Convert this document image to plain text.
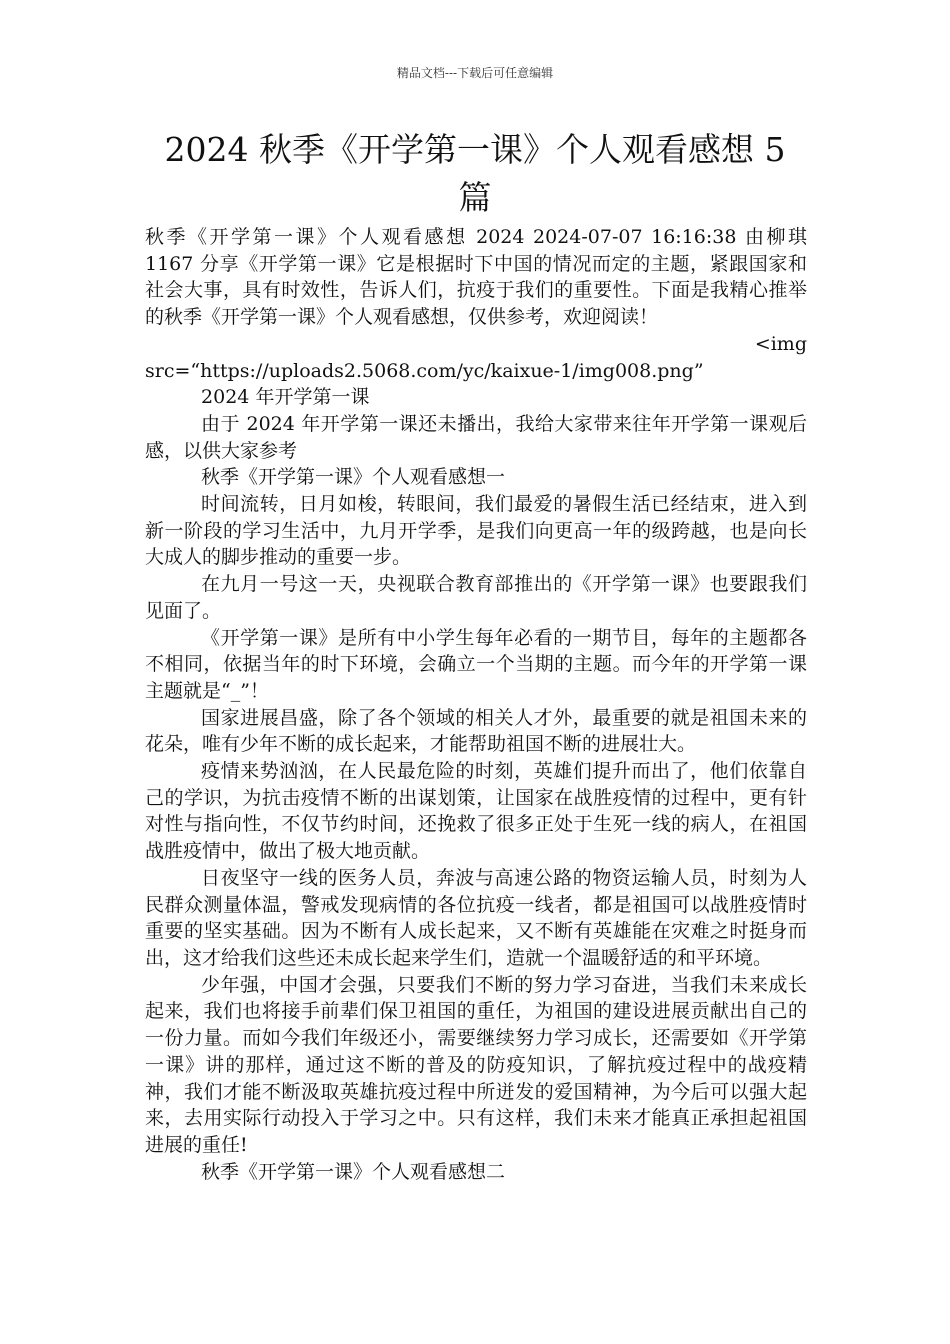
精品文档---下载后可任意编辑
2024 秋季《开学第一课》个人观看感想 5 篇

秋季《开学第一课》个人观看感想 2024 2024-07-07 16:16:38 由柳琪 1167 分享《开学第一课》它是根据时下中国的情况而定的主题，紧跟国家和社会大事，具有时效性，告诉人们，抗疫于我们的重要性。下面是我精心推举的秋季《开学第一课》个人观看感想，仅供参考，欢迎阅读！

<img

src=“https://uploads2.5068.com/yc/kaixue-1/img008.png”

2024 年开学第一课

由于 2024 年开学第一课还未播出，我给大家带来往年开学第一课观后感，以供大家参考

秋季《开学第一课》个人观看感想一

时间流转，日月如梭，转眼间，我们最爱的暑假生活已经结束，进入到新一阶段的学习生活中，九月开学季，是我们向更高一年的级跨越，也是向长大成人的脚步推动的重要一步。

在九月一号这一天，央视联合教育部推出的《开学第一课》也要跟我们见面了。

《开学第一课》是所有中小学生每年必看的一期节目，每年的主题都各不相同，依据当年的时下环境，会确立一个当期的主题。而今年的开学第一课主题就是“_”！

国家进展昌盛，除了各个领域的相关人才外，最重要的就是祖国未来的花朵，唯有少年不断的成长起来，才能帮助祖国不断的进展壮大。

疫情来势汹汹，在人民最危险的时刻，英雄们提升而出了，他们依靠自己的学识，为抗击疫情不断的出谋划策，让国家在战胜疫情的过程中，更有针对性与指向性，不仅节约时间，还挽救了很多正处于生死一线的病人，在祖国战胜疫情中，做出了极大地贡献。

日夜坚守一线的医务人员，奔波与高速公路的物资运输人员，时刻为人民群众测量体温，警戒发现病情的各位抗疫一线者，都是祖国可以战胜疫情时重要的坚实基础。因为不断有人成长起来，又不断有英雄能在灾难之时挺身而出，这才给我们这些还未成长起来学生们，造就一个温暖舒适的和平环境。

少年强，中国才会强，只要我们不断的努力学习奋进，当我们未来成长起来，我们也将接手前辈们保卫祖国的重任，为祖国的建设进展贡献出自己的一份力量。而如今我们年级还小，需要继续努力学习成长，还需要如《开学第一课》讲的那样，通过这不断的普及的防疫知识，了解抗疫过程中的战疫精神，我们才能不断汲取英雄抗疫过程中所迸发的爱国精神，为今后可以强大起来，去用实际行动投入于学习之中。只有这样，我们未来才能真正承担起祖国进展的重任!

秋季《开学第一课》个人观看感想二
